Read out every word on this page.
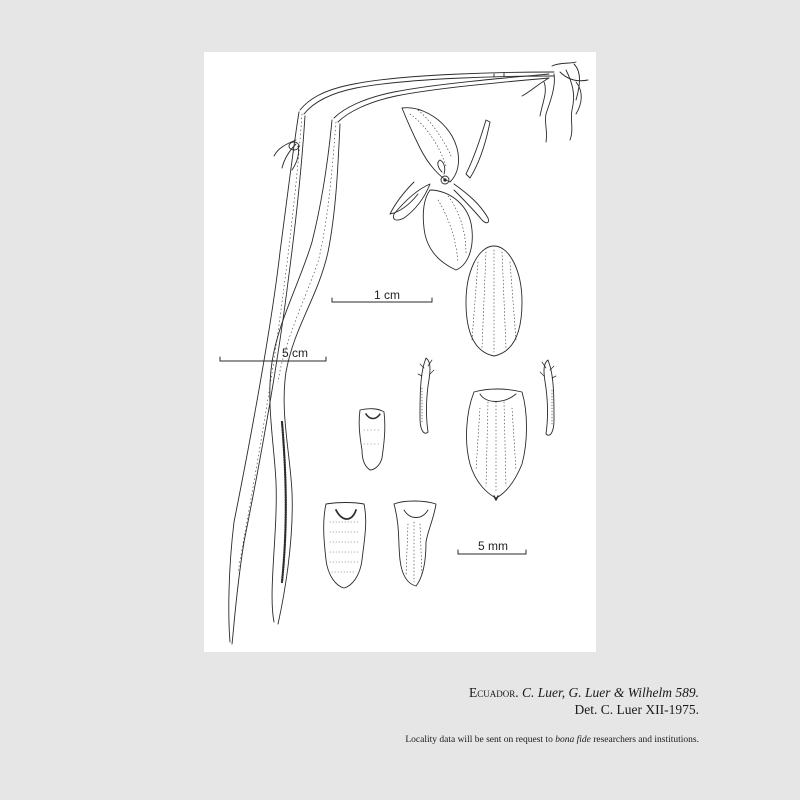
1 cm
5 cm
5 mm
Ecuador. C. Luer, G. Luer & Wilhelm 589.
Det. C. Luer XII-1975.
Locality data will be sent on request to bona fide researchers and institutions.
